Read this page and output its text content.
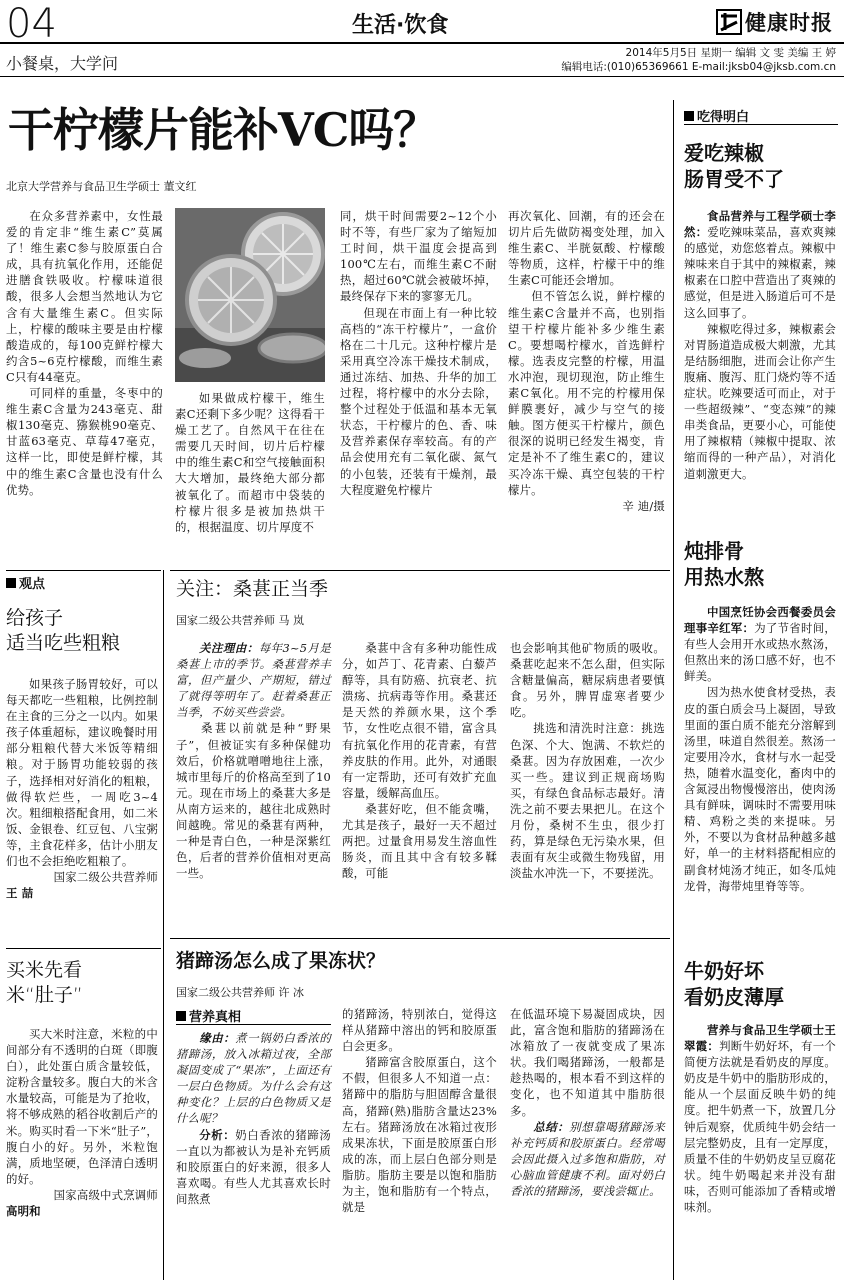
04	生活·饮食	健康时报
小餐桌，大学问
2014年5月5日 星期一 编辑 文 雯 美编 王 婷
编辑电话:(010)65369661 E-mail:jksb04@jksb.com.cn
干柠檬片能补VC吗？
北京大学营养与食品卫生学硕士 董文红

在众多营养素中，女性最爱的肯定非“维生素C”莫属了！维生素C参与胶原蛋白合成，具有抗氧化作用，还能促进膳食铁吸收。柠檬味道很酸，很多人会想当然地认为它含有大量维生素C。但实际上，柠檬的酸味主要是由柠檬酸造成的，每100克鲜柠檬大约含5~6克柠檬酸，而维生素C只有44毫克。

可同样的重量，冬枣中的维生素C含量为243毫克、甜椒130毫克、猕猴桃90毫克、甘蓝63毫克、草莓47毫克，这样一比，即使是鲜柠檬，其中的维生素C含量也没有什么优势。

如果做成柠檬干，维生素C还剩下多少呢？这得看干燥工艺了。自然风干在往在需要几天时间，切片后柠檬中的维生素C和空气接触面积大大增加，最终绝大部分都被氧化了。而超市中袋装的柠檬片很多是被加热烘干的，根据温度、切片厚度不

同，烘干时间需要2~12个小时不等，有些厂家为了缩短加工时间，烘干温度会提高到100℃左右，而维生素C不耐热，超过60℃就会被破坏掉，最终保存下来的寥寥无几。

但现在市面上有一种比较高档的“冻干柠檬片”，一盒价格在二十几元。这种柠檬片是采用真空冷冻干燥技术制成，通过冻结、加热、升华的加工过程，将柠檬中的水分去除，整个过程处于低温和基本无氧状态，干柠檬片的色、香、味及营养素保存率较高。有的产品会使用充有二氧化碳、氮气的小包装，还装有干燥剂，最大程度避免柠檬片

再次氧化、回潮，有的还会在切片后先做防褐变处理，加入维生素C、半胱氨酸、柠檬酸等物质，这样，柠檬干中的维生素C可能还会增加。

但不管怎么说，鲜柠檬的维生素C含量并不高，也别指望干柠檬片能补多少维生素C。要想喝柠檬水，首选鲜柠檬。选表皮完整的柠檬，用温水冲泡，现切现泡，防止维生素C氧化。用不完的柠檬用保鲜膜裹好，减少与空气的接触。图方便买干柠檬片，颜色很深的说明已经发生褐变，肯定是补不了维生素C的，建议买冷冻干燥、真空包装的干柠檬片。

辛 迪/摄

观点
给孩子
适当吃些粗粮

如果孩子肠胃较好，可以每天都吃一些粗粮，比例控制在主食的三分之一以内。如果孩子体重超标，建议晚餐时用部分粗粮代替大米饭等精细粮。对于肠胃功能较弱的孩子，选择相对好消化的粗粮，做得软烂些，一周吃3~4次。粗细粮搭配食用，如二米饭、金银卷、红豆包、八宝粥等，主食花样多，估计小朋友们也不会拒绝吃粗粮了。

国家二级公共营养师

王 喆

买米先看
米“肚子”

买大米时注意，米粒的中间部分有不透明的白斑（即腹白），此处蛋白质含量较低，淀粉含量较多。腹白大的米含水量较高，可能是为了抢收，将不够成熟的稻谷收割后产的米。购买时看一下米“肚子”，腹白小的好。另外，米粒饱满，质地坚硬，色泽清白透明的好。

国家高级中式烹调师

高明和

关注：桑葚正当季
国家二级公共营养师 马 岚

关注理由：每年3~5月是桑葚上市的季节。桑葚营养丰富，但产量少、产期短，错过了就得等明年了。赶着桑葚正当季，不妨买些尝尝。

桑葚以前就是种“野果子”，但被证实有多种保健功效后，价格就噌噌地往上涨，城市里每斤的价格高至到了10元。现在市场上的桑葚大多是从南方运来的，越往北成熟时间越晚。常见的桑葚有两种，一种是青白色，一种是深紫红色，后者的营养价值相对更高一些。

桑葚中含有多种功能性成分，如芦丁、花青素、白藜芦醇等，具有防癌、抗衰老、抗溃疡、抗病毒等作用。桑葚还是天然的养颜水果，这个季节，女性吃点很不错，富含具有抗氧化作用的花青素，有营养皮肤的作用。此外，对通眼有一定帮助，还可有效扩充血容量，缓解高血压。

桑葚好吃，但不能贪嘴，尤其是孩子，最好一天不超过两把。过量食用易发生溶血性肠炎，而且其中含有较多鞣酸，可能

也会影响其他矿物质的吸收。桑葚吃起来不怎么甜，但实际含糖量偏高，糖尿病患者要慎食。另外，脾胃虚寒者要少吃。

挑选和清洗时注意：挑选色深、个大、饱满、不软烂的桑葚。因为存放困难，一次少买一些。建议到正规商场购买，有绿色食品标志最好。清洗之前不要去果把儿。在这个月份，桑树不生虫，很少打药，算是绿色无污染水果，但表面有灰尘或微生物残留，用淡盐水冲洗一下，不要搓洗。

猪蹄汤怎么成了果冻状？
国家二级公共营养师 许 冰
营养真相

缘由：煮一锅奶白香浓的猪蹄汤，放入冰箱过夜，全部凝固变成了“果冻”，上面还有一层白色物质。为什么会有这种变化？上层的白色物质又是什么呢？

分析：奶白香浓的猪蹄汤一直以为都被认为是补充钙质和胶原蛋白的好来源，很多人喜欢喝。有些人尤其喜欢长时间熬煮

的猪蹄汤，特别浓白，觉得这样从猪蹄中溶出的钙和胶原蛋白会更多。

猪蹄富含胶原蛋白，这个不假，但很多人不知道一点：猪蹄中的脂肪与胆固醇含量很高，猪蹄(熟)脂肪含量达23%左右。猪蹄汤放在冰箱过夜形成果冻状，下面是胶原蛋白形成的冻，而上层白色部分则是脂肪。脂肪主要是以饱和脂肪为主，饱和脂肪有一个特点，就是

在低温环境下易凝固成块，因此，富含饱和脂肪的猪蹄汤在冰箱放了一夜就变成了果冻状。我们喝猪蹄汤，一般都是趁热喝的，根本看不到这样的变化，也不知道其中脂肪很多。

总结：别想靠喝猪蹄汤来补充钙质和胶原蛋白。经常喝会因此摄入过多饱和脂肪，对心脑血管健康不利。面对奶白香浓的猪蹄汤，要浅尝辄止。

吃得明白
爱吃辣椒
肠胃受不了

食品营养与工程学硕士李然：爱吃辣味菜品，喜欢爽辣的感觉，劝您悠着点。辣椒中辣味来自于其中的辣椒素，辣椒素在口腔中营造出了爽辣的感觉，但是进入肠道后可不是这么回事了。

辣椒吃得过多，辣椒素会对胃肠道造成极大刺激，尤其是结肠细胞，进而会让你产生腹痛、腹泻、肛门烧灼等不适症状。吃辣要适可而止，对于一些超级辣”、“变态辣”的辣串类食品，更要小心，可能使用了辣椒精（辣椒中提取、浓缩而得的一种产品），对消化道刺激更大。

炖排骨
用热水熬

中国烹饪协会西餐委员会理事辛红军：为了节省时间，有些人会用开水或热水熬汤，但熬出来的汤口感不好，也不鲜美。

因为热水使食材受热，表皮的蛋白质会马上凝固，导致里面的蛋白质不能充分溶解到汤里，味道自然很差。熬汤一定要用冷水，食材与水一起受热，随着水温变化，畜肉中的含氮浸出物慢慢溶出，使肉汤具有鲜味，调味时不需要用味精、鸡粉之类的来提味。另外，不要以为食材品种越多越好，单一的主材料搭配相应的副食材炖汤才纯正，如冬瓜炖龙骨，海带炖里脊等等。

牛奶好坏
看奶皮薄厚

营养与食品卫生学硕士王翠霞：判断牛奶好坏，有一个简便方法就是看奶皮的厚度。奶皮是牛奶中的脂肪形成的，能从一个层面反映牛奶的纯度。把牛奶煮一下，放置几分钟后观察，优质纯牛奶会结一层完整奶皮，且有一定厚度，质量不佳的牛奶奶皮呈豆腐花状。纯牛奶喝起来并没有甜味，否则可能添加了香精或增味剂。
